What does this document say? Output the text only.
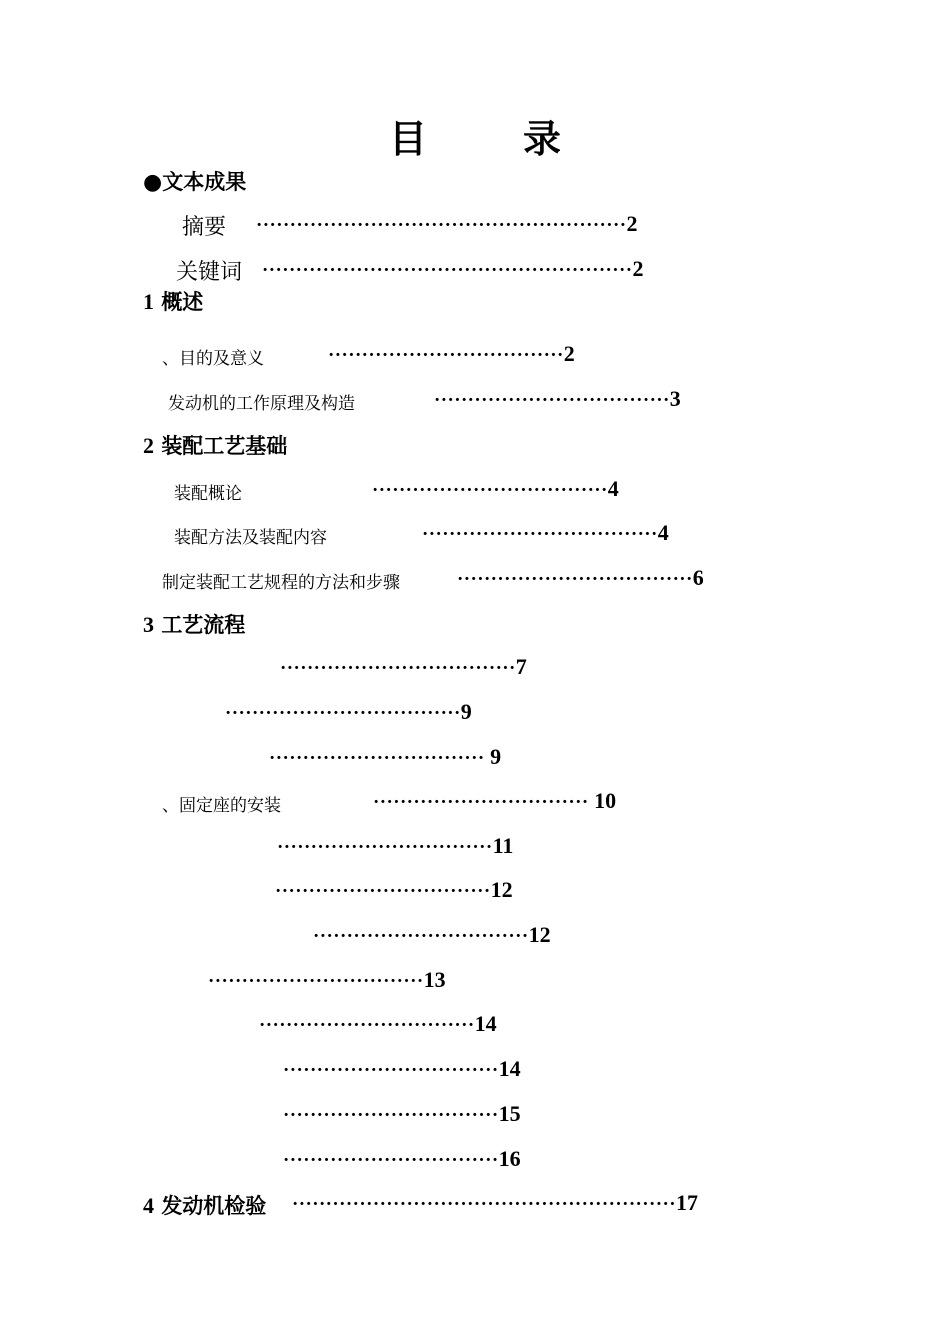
目	录
●文本成果
摘要 ·······················································2
关键词 ·······················································2
1 概述
、目的及意义	···································2
发动机的工作原理及构造	···································3
2 装配工艺基础
装配概论	···································4
装配方法及装配内容	···································4
制定装配工艺规程的方法和步骤	···································6
3 工艺流程
···································7
···································9
································ 9
、固定座的安装	································ 10
································11
································12
································12
································13
································14
································14
································15
································16
4 发动机检验 ·························································17
